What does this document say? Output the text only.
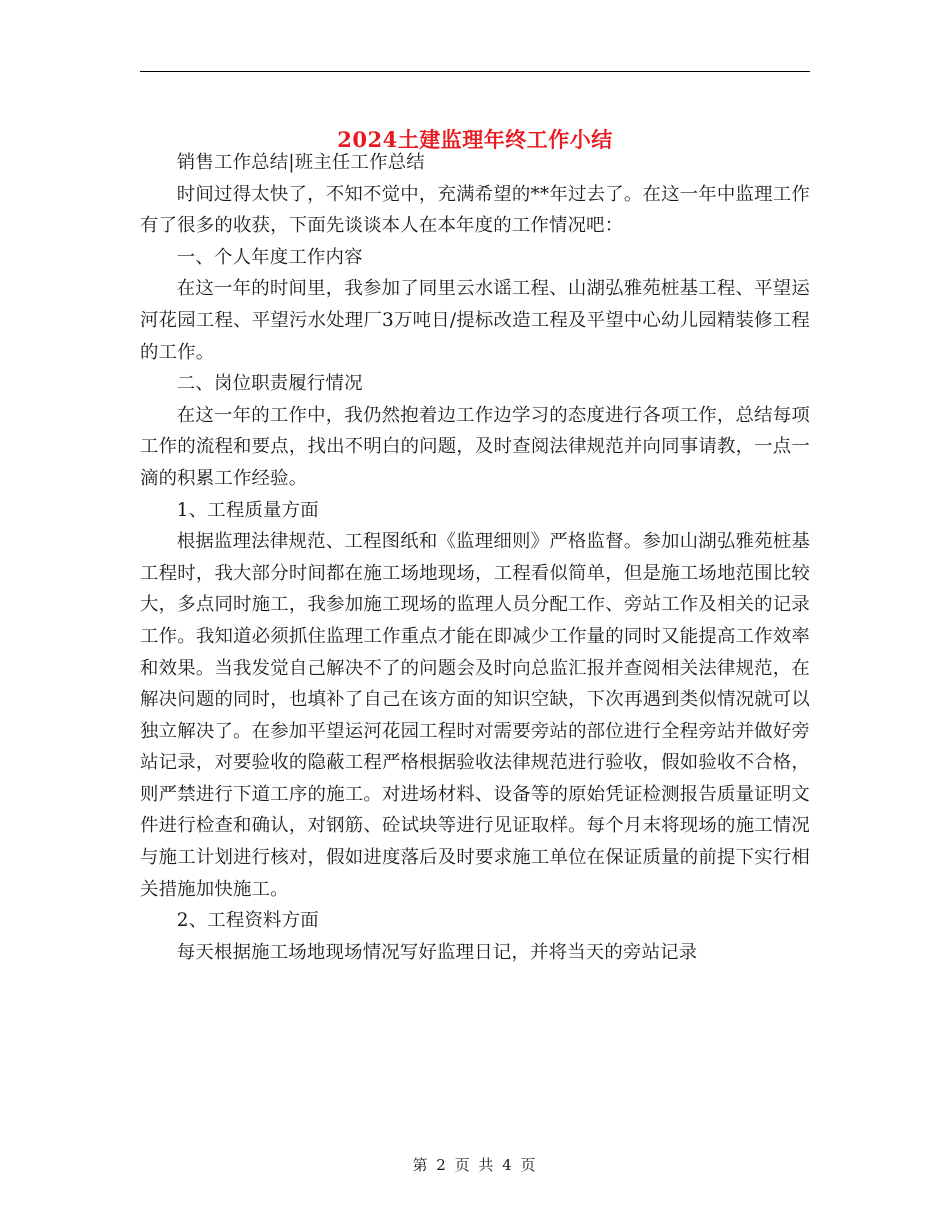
2024土建监理年终工作小结

销售工作总结|班主任工作总结

时间过得太快了，不知不觉中，充满希望的**年过去了。在这一年中监理工作有了很多的收获，下面先谈谈本人在本年度的工作情况吧：

一、个人年度工作内容

在这一年的时间里，我参加了同里云水谣工程、山湖弘雅苑桩基工程、平望运河花园工程、平望污水处理厂3万吨日/提标改造工程及平望中心幼儿园精装修工程的工作。

二、岗位职责履行情况

在这一年的工作中，我仍然抱着边工作边学习的态度进行各项工作，总结每项工作的流程和要点，找出不明白的问题，及时查阅法律规范并向同事请教，一点一滴的积累工作经验。

1、工程质量方面

根据监理法律规范、工程图纸和《监理细则》严格监督。参加山湖弘雅苑桩基工程时，我大部分时间都在施工场地现场，工程看似简单，但是施工场地范围比较大，多点同时施工，我参加施工现场的监理人员分配工作、旁站工作及相关的记录工作。我知道必须抓住监理工作重点才能在即减少工作量的同时又能提高工作效率和效果。当我发觉自己解决不了的问题会及时向总监汇报并查阅相关法律规范，在解决问题的同时，也填补了自己在该方面的知识空缺，下次再遇到类似情况就可以独立解决了。在参加平望运河花园工程时对需要旁站的部位进行全程旁站并做好旁站记录，对要验收的隐蔽工程严格根据验收法律规范进行验收，假如验收不合格，则严禁进行下道工序的施工。对进场材料、设备等的原始凭证检测报告质量证明文件进行检查和确认，对钢筋、砼试块等进行见证取样。每个月末将现场的施工情况与施工计划进行核对，假如进度落后及时要求施工单位在保证质量的前提下实行相关措施加快施工。

2、工程资料方面

每天根据施工场地现场情况写好监理日记，并将当天的旁站记录

第 2 页 共 4 页
